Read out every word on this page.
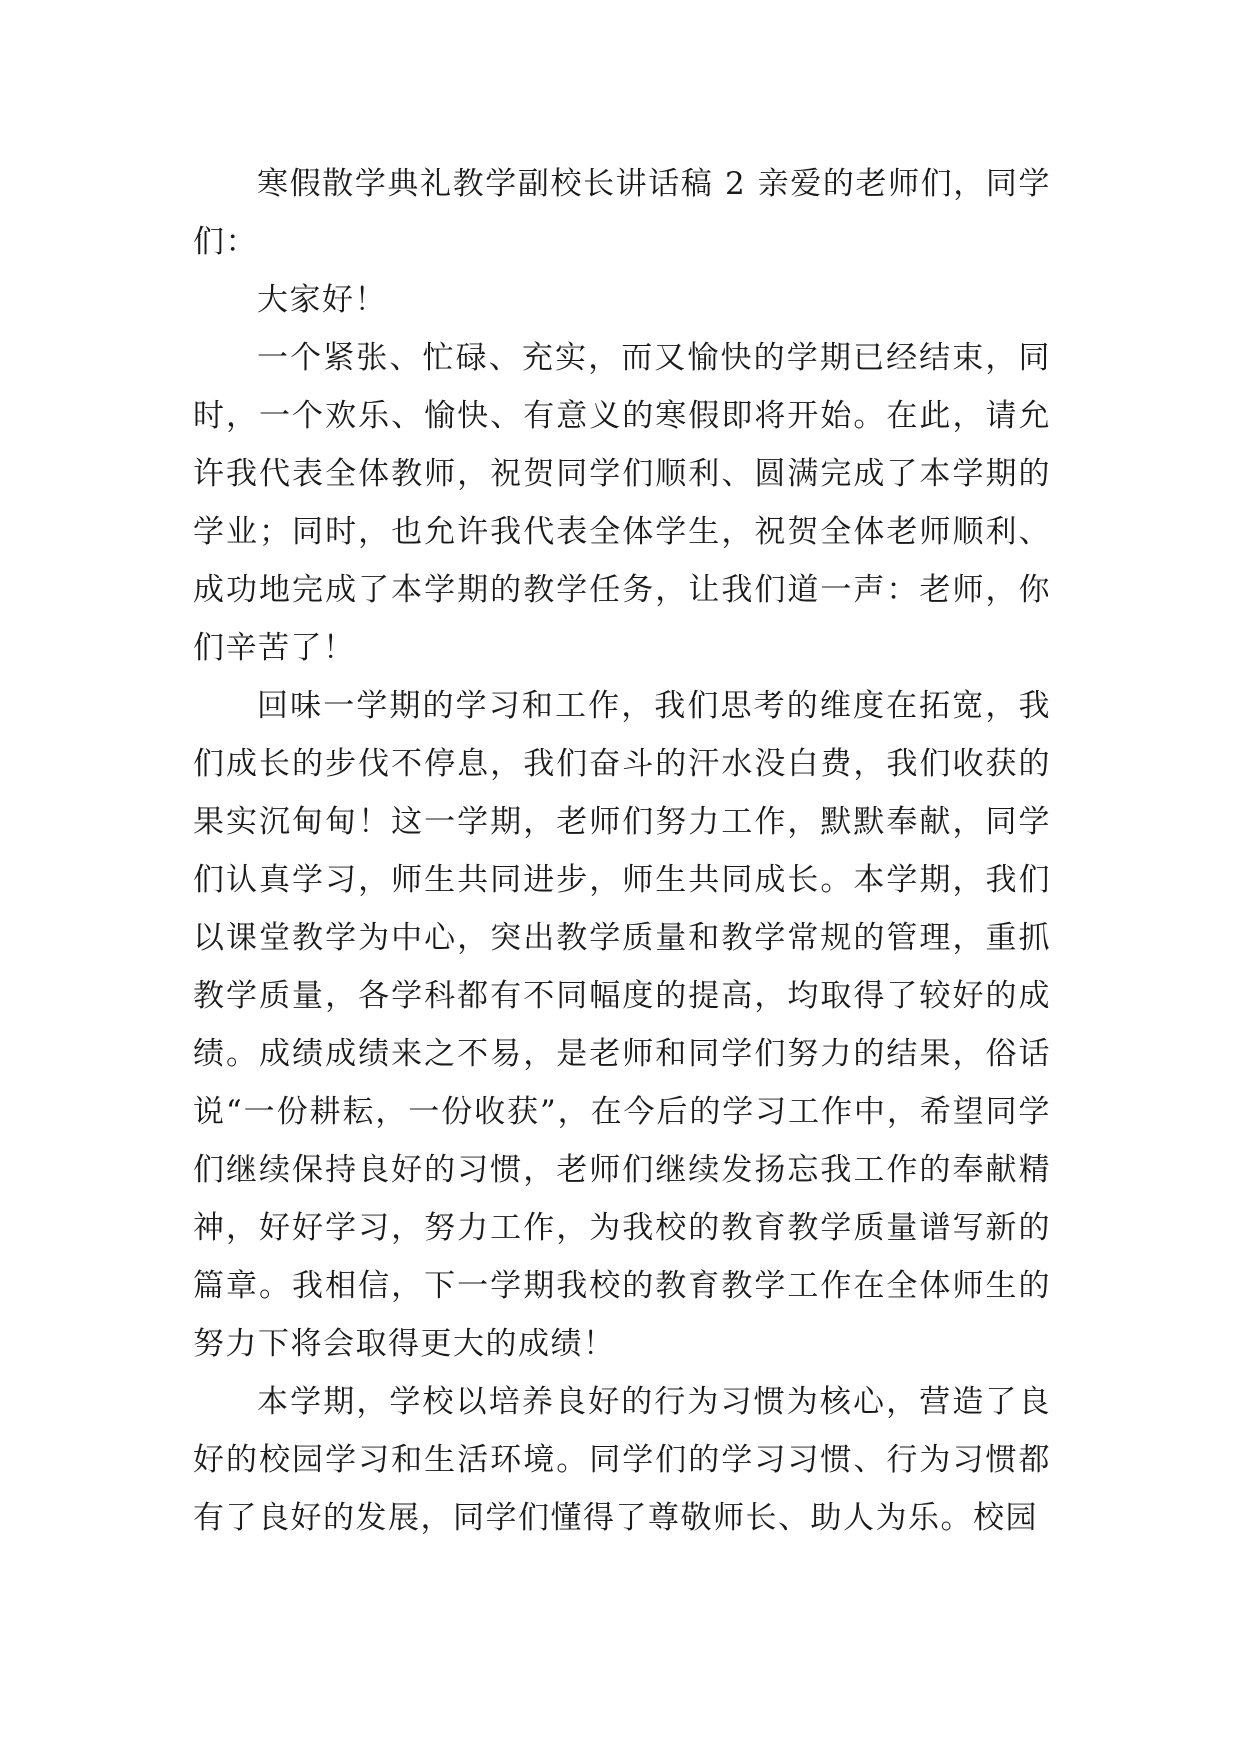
寒假散学典礼教学副校长讲话稿 2 亲爱的老师们，同学们：

大家好！

一个紧张、忙碌、充实，而又愉快的学期已经结束，同时，一个欢乐、愉快、有意义的寒假即将开始。在此，请允许我代表全体教师，祝贺同学们顺利、圆满完成了本学期的学业；同时，也允许我代表全体学生，祝贺全体老师顺利、成功地完成了本学期的教学任务，让我们道一声：老师，你们辛苦了！

回味一学期的学习和工作，我们思考的维度在拓宽，我们成长的步伐不停息，我们奋斗的汗水没白费，我们收获的果实沉甸甸！这一学期，老师们努力工作，默默奉献，同学们认真学习，师生共同进步，师生共同成长。本学期，我们以课堂教学为中心，突出教学质量和教学常规的管理，重抓教学质量，各学科都有不同幅度的提高，均取得了较好的成绩。成绩成绩来之不易，是老师和同学们努力的结果，俗话说“一份耕耘，一份收获”，在今后的学习工作中，希望同学们继续保持良好的习惯，老师们继续发扬忘我工作的奉献精神，好好学习，努力工作，为我校的教育教学质量谱写新的篇章。我相信，下一学期我校的教育教学工作在全体师生的努力下将会取得更大的成绩！

本学期，学校以培养良好的行为习惯为核心，营造了良好的校园学习和生活环境。同学们的学习习惯、行为习惯都有了良好的发展，同学们懂得了尊敬师长、助人为乐。校园
